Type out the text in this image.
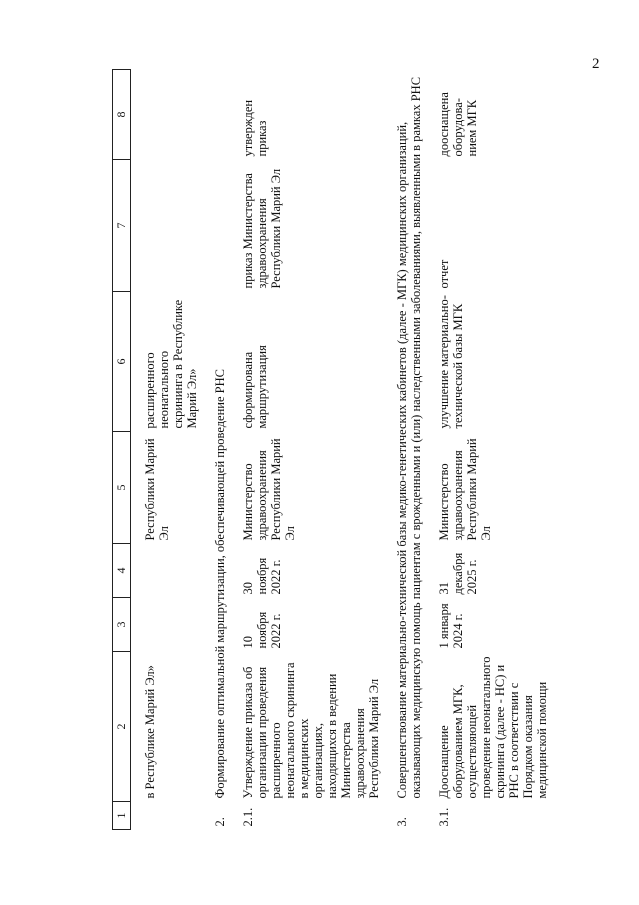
2
1	2	3	4	5	6	7	8

	в Республике Марий Эл»			Республики Марий Эл	расширенного неонатального скрининга в Республике Марий Эл»		

2.	Формирование оптимальной маршрутизации, обеспечивающей проведение РНС						

2.1.	Утверждение приказа об организации проведения расширенного неонатального скрининга в медицинских организациях, находящихся в ведении Министерства здравоохранения Республики Марий Эл	10 ноября 2022 г.	30 ноября 2022 г.	Министерство здравоохранения Республики Марий Эл	сформирована маршрутизация	приказ Министерства здравоохранения Республики Марий Эл	утвержден приказ

3.	Совершенствование материально-технической базы медико-генетических кабинетов (далее - МГК) медицинских организаций, оказывающих медицинскую помощь пациентам с врожденными и (или) наследственными заболеваниями, выявленными в рамках РНС						

3.1.	Дооснащение оборудованием МГК, осуществляющей проведение неонатального скрининга (далее - НС) и РНС в соответствии с Порядком оказания медицинской помощи	1 января 2024 г.	31 декабря 2025 г.	Министерство здравоохранения Республики Марий Эл	улучшение материально-технической базы МГК	отчет	дооснащена оборудова-нием МГК
